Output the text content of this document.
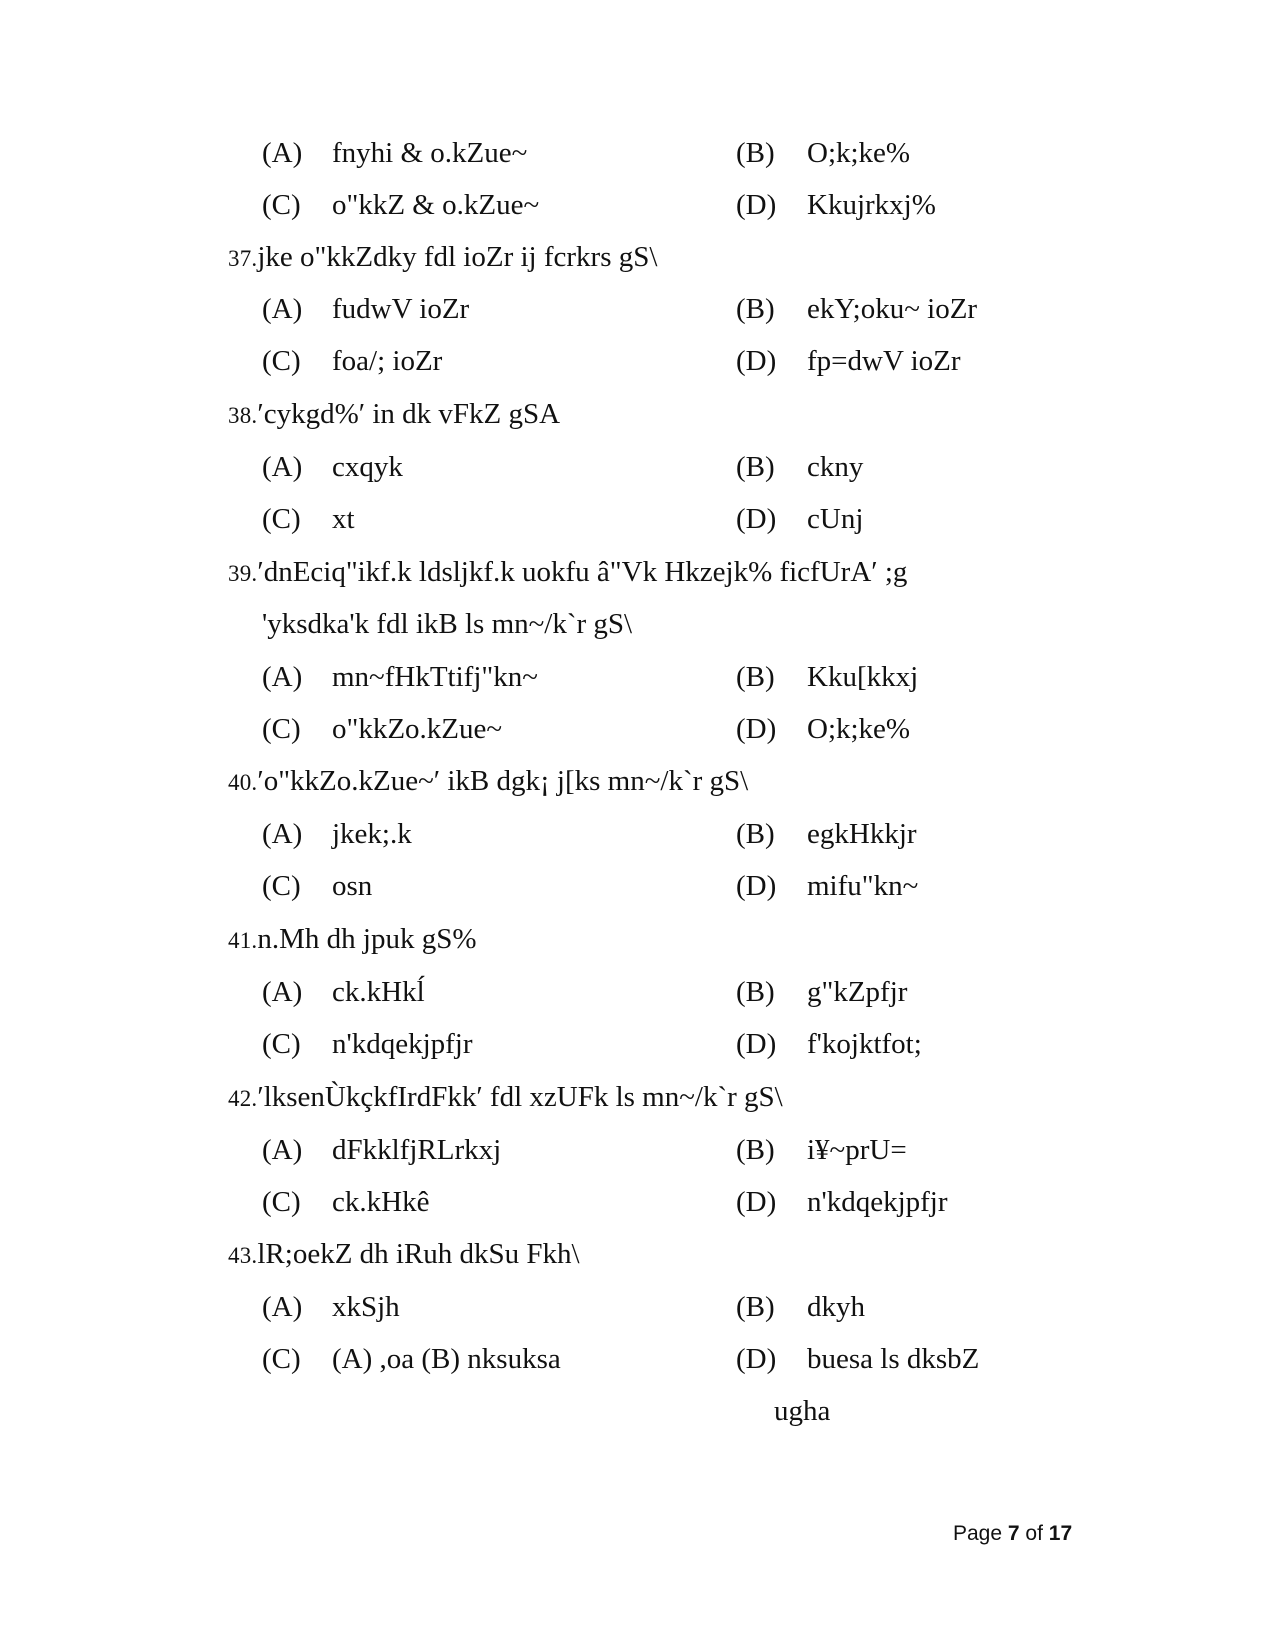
(A) fnyhi & o.kZue~	(B) O;k;ke%
(C) o"kkZ & o.kZue~	(D) Kkujrkxj%
37.jke o"kkZdky fdl ioZr ij fcrkrs gS\
(A) fudwV ioZr	(B) ekY;oku~ ioZr
(C) foa/; ioZr	(D) fp=dwV ioZr
38.′cykgd%′ in dk vFkZ gSA
(A) cxqyk	(B) ckny
(C) xt	(D) cUnj
39.′dnEciq"ikf.k ldsljkf.k uokfu â"Vk Hkzejk% ficfUrA′ ;g
'yksdka'k fdl ikB ls mn~/k`r gS\
(A) mn~fHkTtifj"kn~	(B) Kku[kkxj
(C) o"kkZo.kZue~	(D) O;k;ke%
40.′o"kkZo.kZue~′ ikB dgk¡ j[ks mn~/k`r gS\
(A) jkek;.k	(B) egkHkkjr
(C) osn	(D) mifu"kn~
41.n.Mh dh jpuk gS%
(A) ck.kHkĺ	(B) g"kZpfjr
(C) n'kdqekjpfjr	(D) f'kojktfot;
42.′lksenÙkçkfIrdFkk′ fdl xzUFk ls mn~/k`r gS\
(A) dFkklfjRLrkxj	(B) i¥~prU=
(C) ck.kHkê	(D) n'kdqekjpfjr
43.lR;oekZ dh iRuh dkSu Fkh\
(A) xkSjh	(B) dkyh
(C) (A) ,oa (B) nksuksa	(D) buesa ls dksbZ
ugha
Page 7 of 17
